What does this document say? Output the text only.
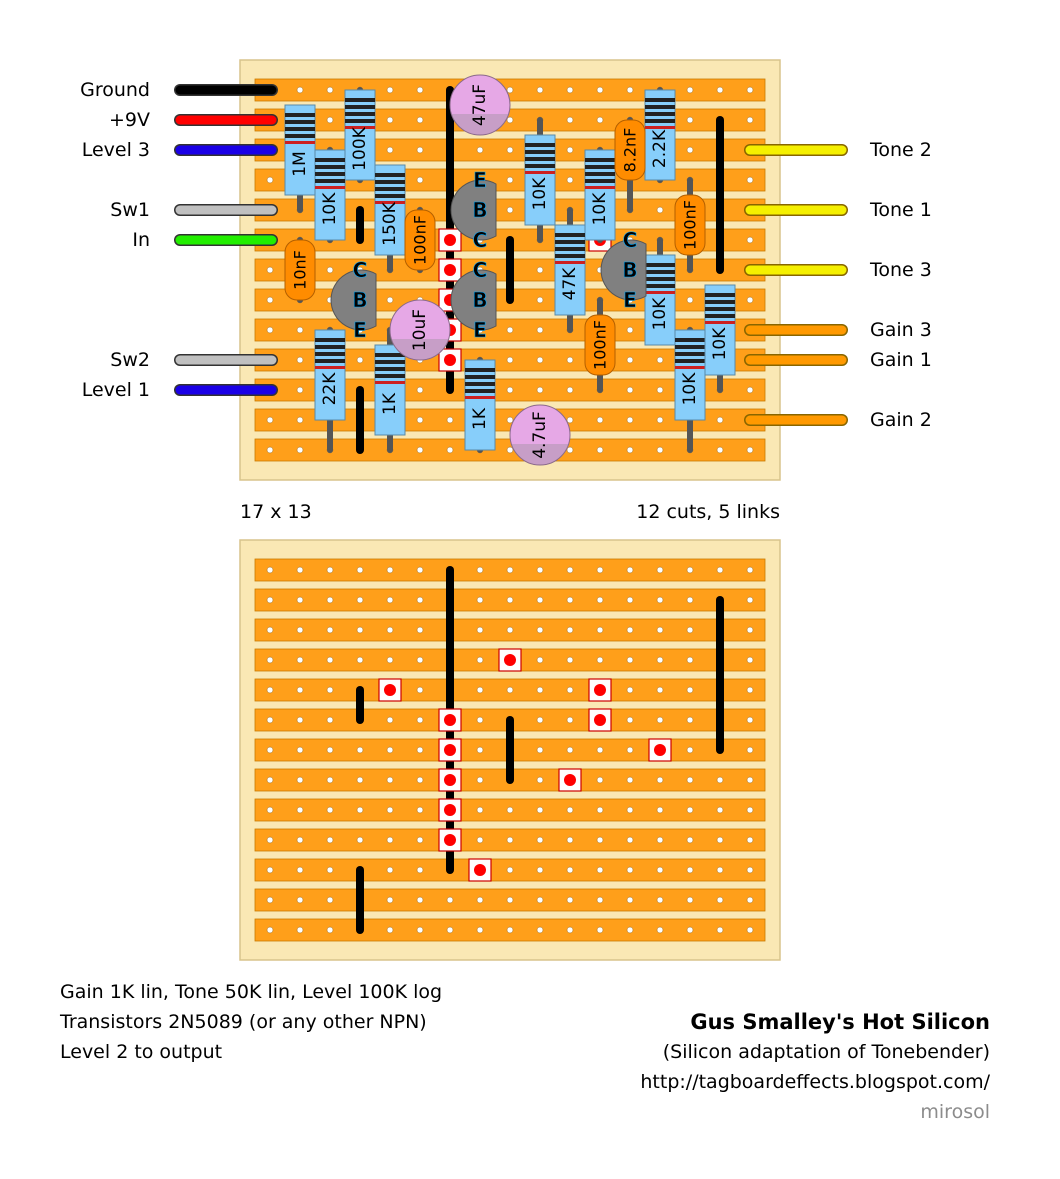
1M 100K
10K 150K
10K 10K
2.2K
47K
10K
22K 1K
1K
10K
10K
10nF
100nF
8.2nF
100nF
100nF
E
B
C
C
B
E
C
B
E
C
B
E
47uF
10uF
4.7uF
Ground
+9V
Level 3
Sw1
In
Sw2
Level 1
Tone 2
Tone 1
Tone 3
Gain 3
Gain 1
Gain 2
17 x 13	12 cuts, 5 links
Gain 1K lin, Tone 50K lin, Level 100K log
Transistors 2N5089 (or any other NPN)
Level 2 to output
Gus Smalley's Hot Silicon
(Silicon adaptation of Tonebender)
http://tagboardeffects.blogspot.com/
mirosol
